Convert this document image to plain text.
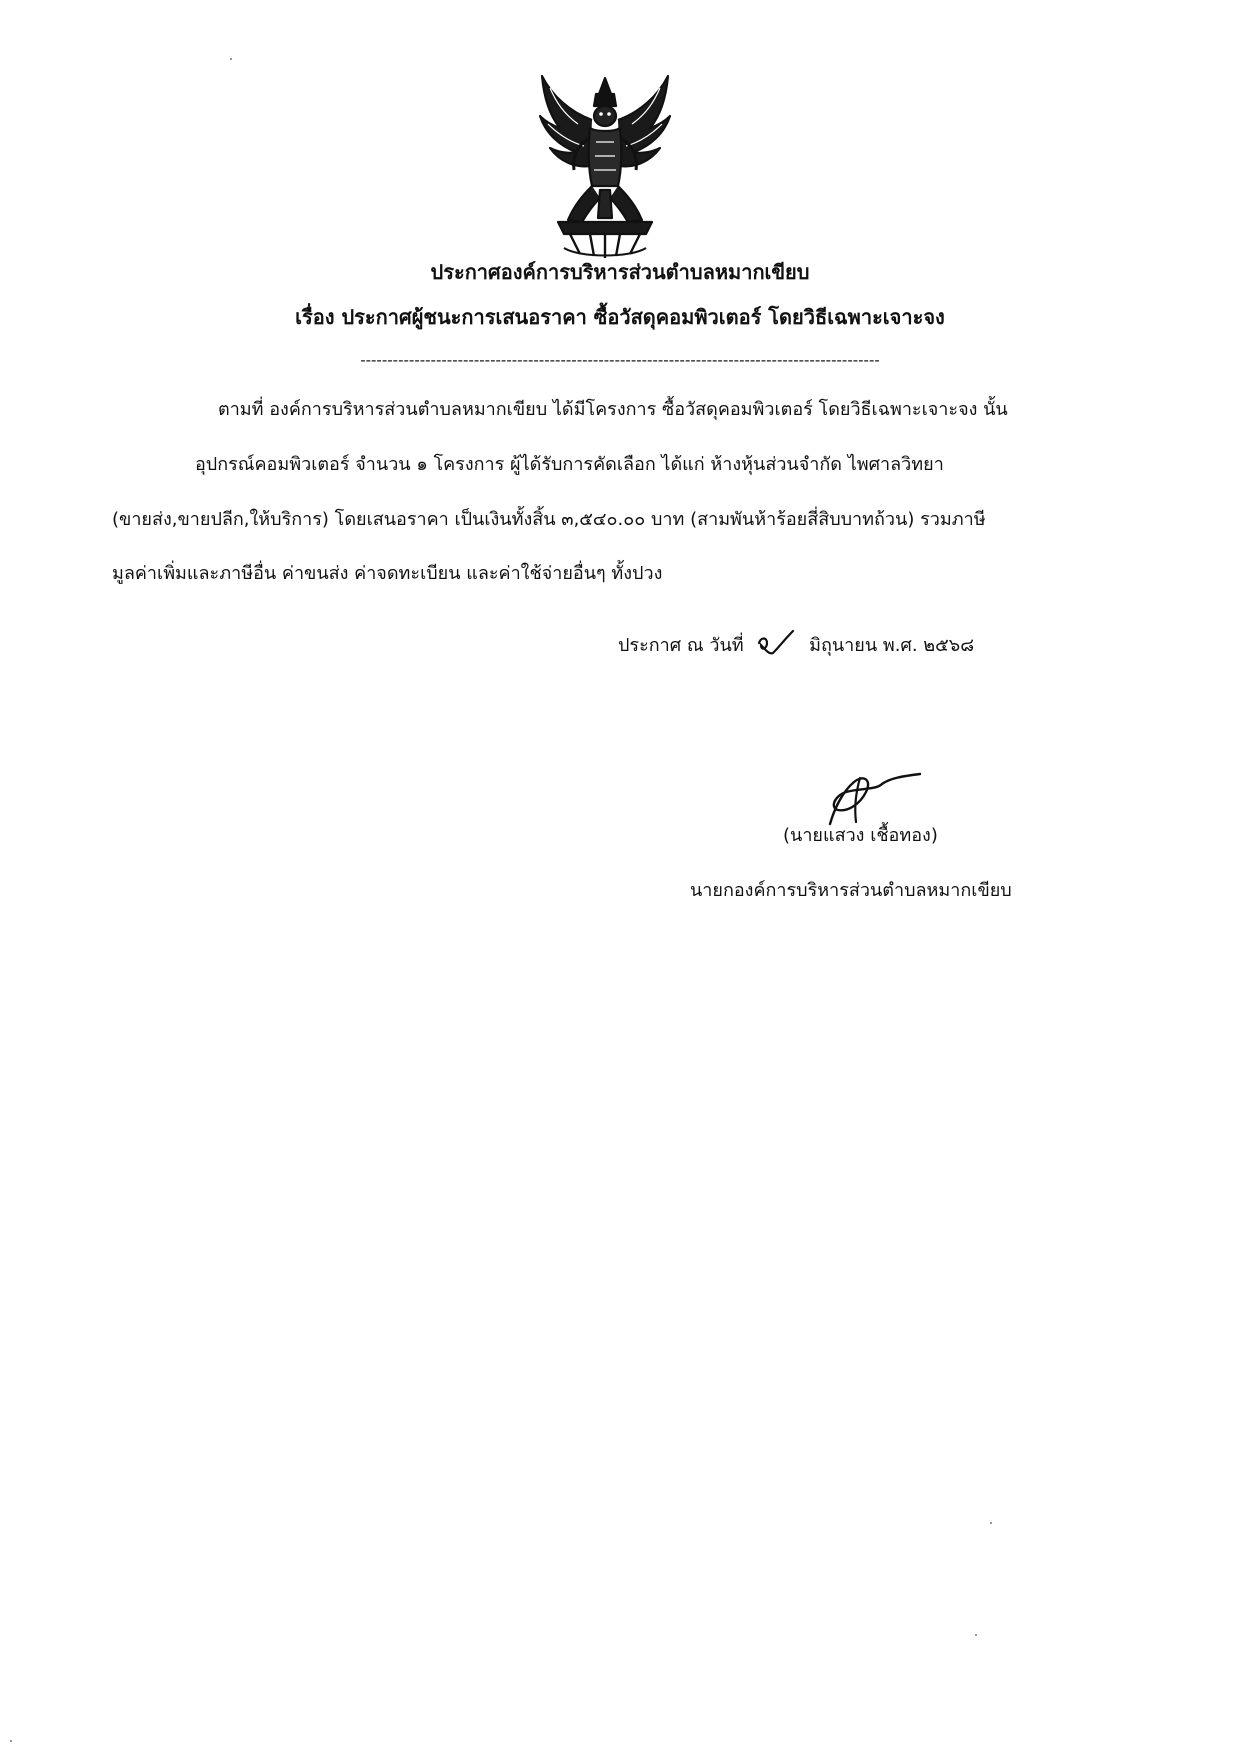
ประกาศองค์การบริหารส่วนตำบลหมากเขียบ
เรื่อง ประกาศผู้ชนะการเสนอราคา ซื้อวัสดุคอมพิวเตอร์ โดยวิธีเฉพาะเจาะจง
------------------------------------------------------------------------------------------------
ตามที่ องค์การบริหารส่วนตำบลหมากเขียบ ได้มีโครงการ ซื้อวัสดุคอมพิวเตอร์ โดยวิธีเฉพาะเจาะจง นั้น
อุปกรณ์คอมพิวเตอร์ จำนวน ๑ โครงการ ผู้ได้รับการคัดเลือก ได้แก่ ห้างหุ้นส่วนจำกัด ไพศาลวิทยา
(ขายส่ง,ขายปลีก,ให้บริการ) โดยเสนอราคา เป็นเงินทั้งสิ้น ๓,๕๔๐.๐๐ บาท (สามพันห้าร้อยสี่สิบบาทถ้วน) รวมภาษี
มูลค่าเพิ่มและภาษีอื่น ค่าขนส่ง ค่าจดทะเบียน และค่าใช้จ่ายอื่นๆ ทั้งปวง
ประกาศ ณ วันที่	มิถุนายน พ.ศ. ๒๕๖๘
(นายแสวง เชื้อทอง)
นายกองค์การบริหารส่วนตำบลหมากเขียบ
